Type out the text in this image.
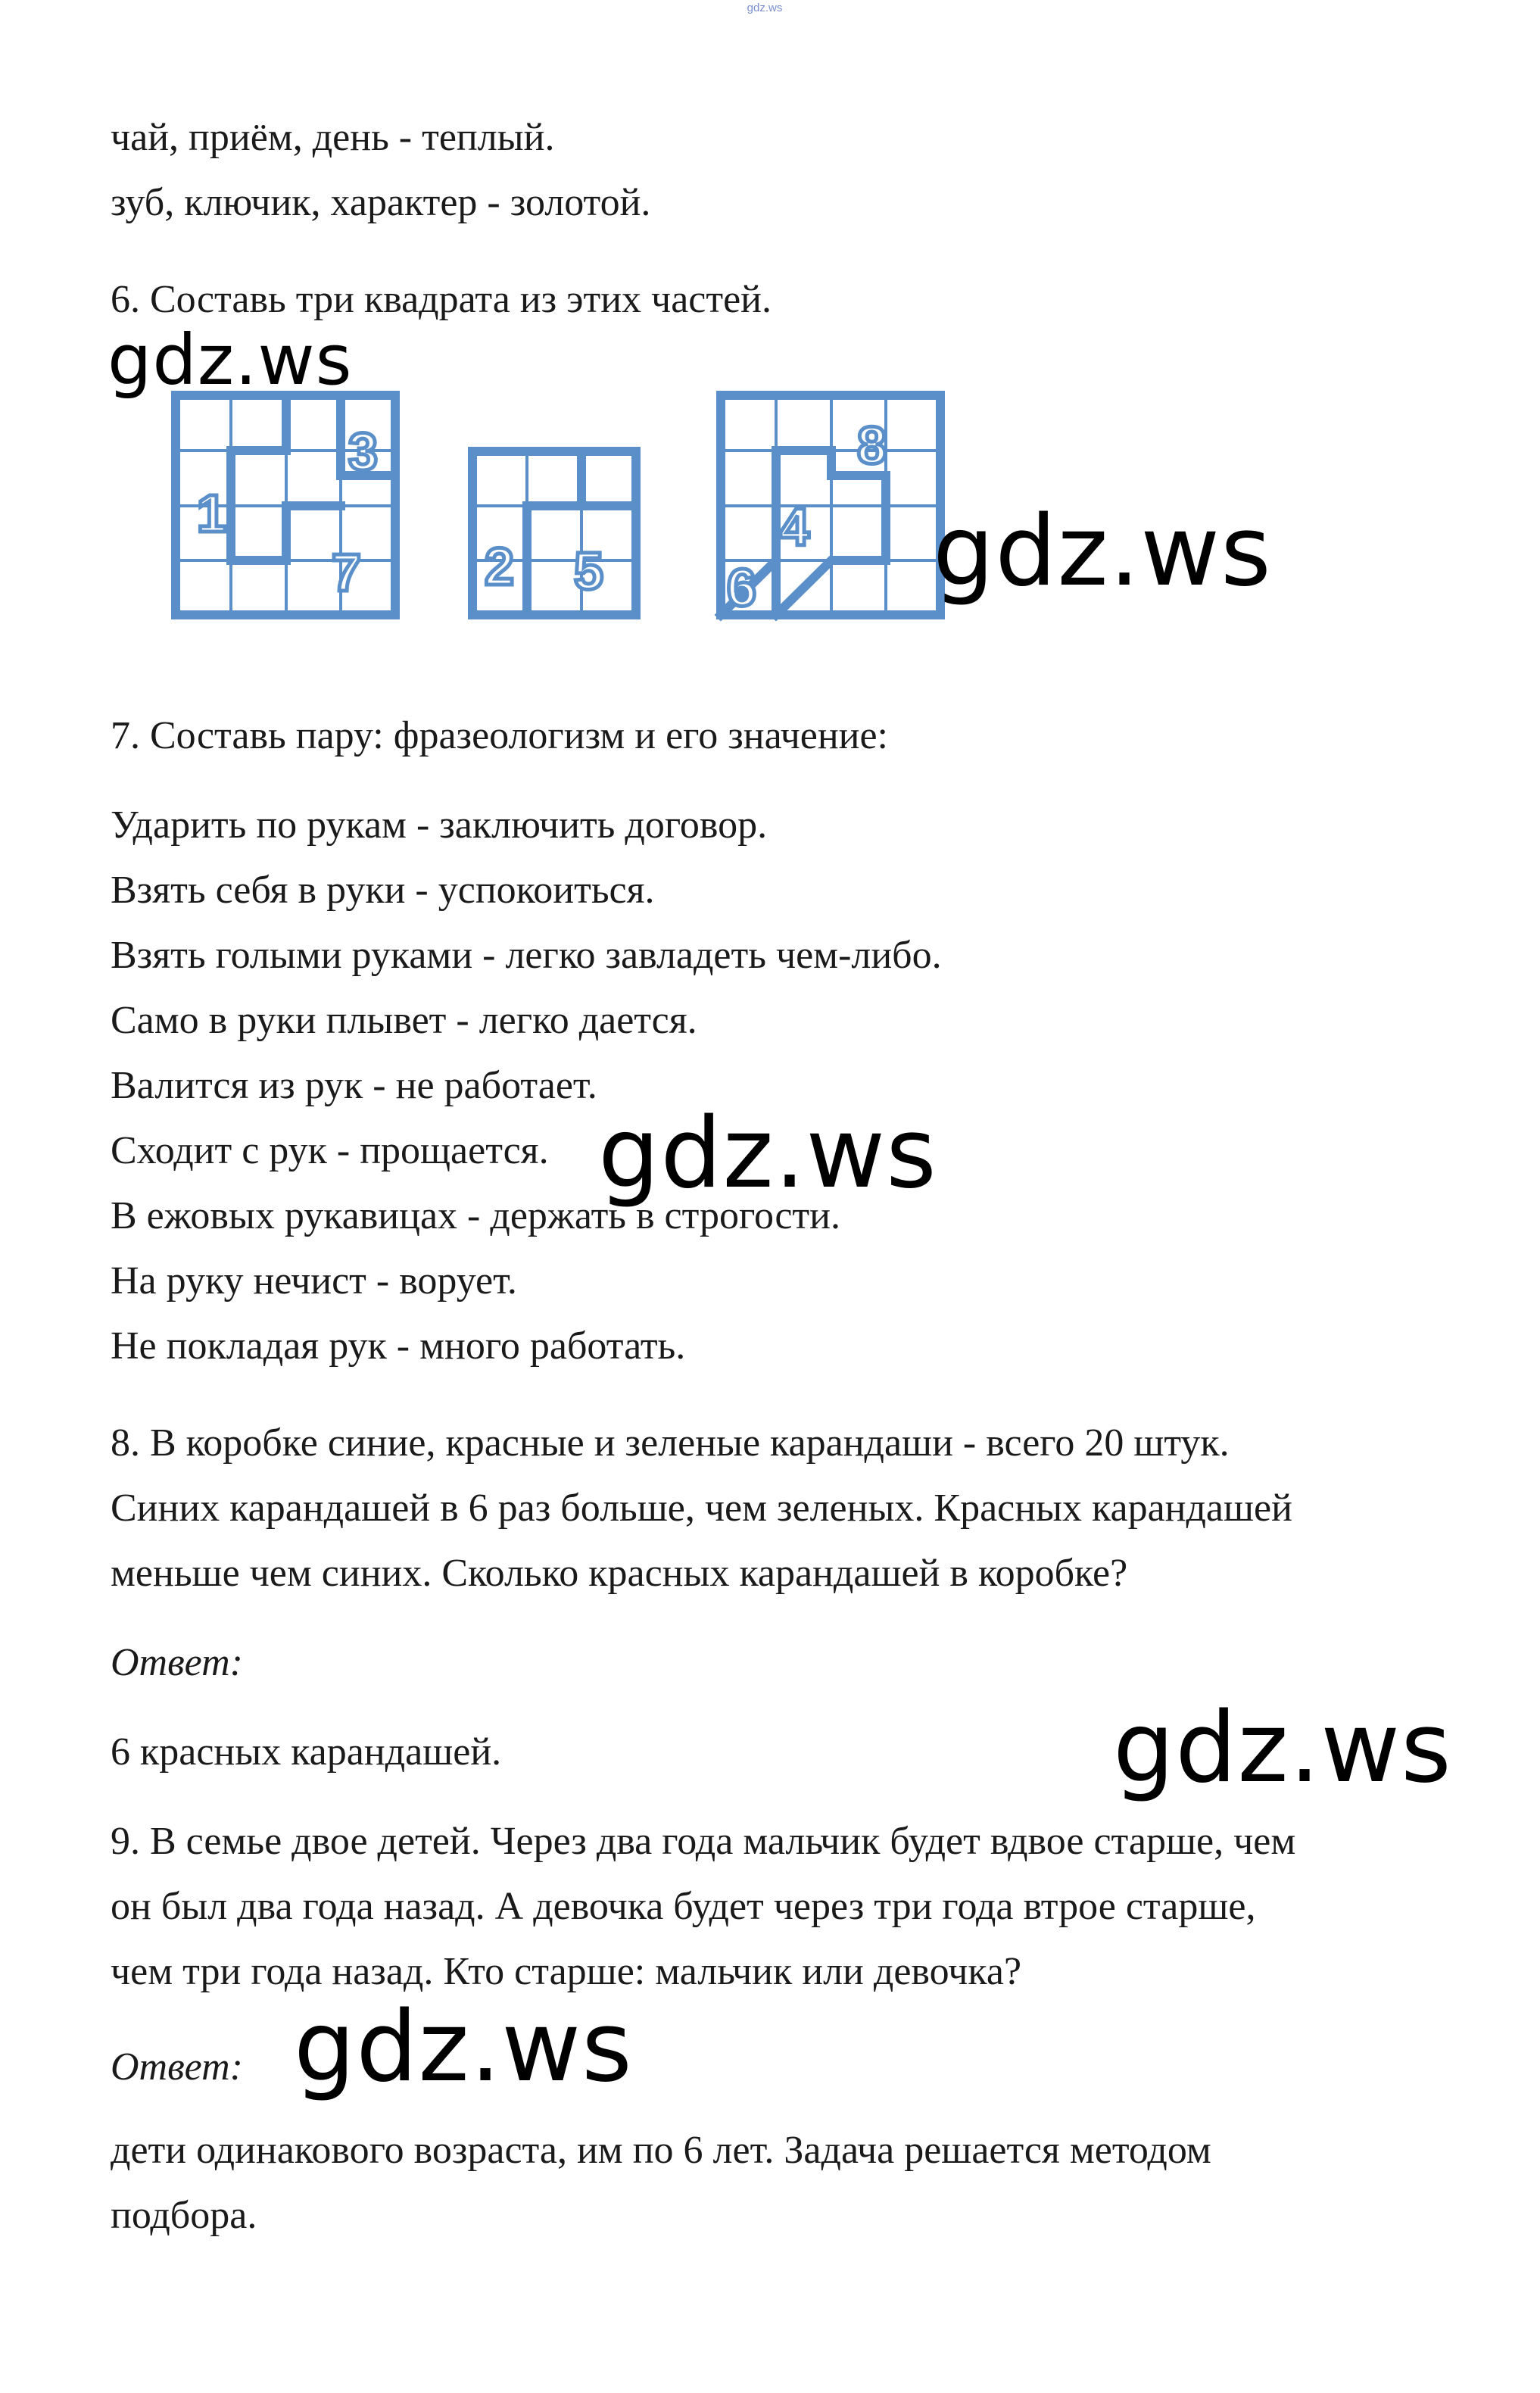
gdz.ws
чай, приём, день - теплый.
зуб, ключик, характер - золотой.
6. Составь три квадрата из этих частей.
1
3
7 2 5
8
4
6
7. Составь пару: фразеологизм и его значение:
Ударить по рукам - заключить договор.
Взять себя в руки - успокоиться.
Взять голыми руками - легко завладеть чем-либо.
Само в руки плывет - легко дается.
Валится из рук - не работает.
Сходит с рук - прощается.
В ежовых рукавицах - держать в строгости.
На руку нечист - ворует.
Не покладая рук - много работать.
8. В коробке синие, красные и зеленые карандаши - всего 20 штук.
Синих карандашей в 6 раз больше, чем зеленых. Красных карандашей
меньше чем синих. Сколько красных карандашей в коробке?
Ответ:
6 красных карандашей.
9. В семье двое детей. Через два года мальчик будет вдвое старше, чем
он был два года назад. А девочка будет через три года втрое старше,
чем три года назад. Кто старше: мальчик или девочка?
Ответ:
дети одинакового возраста, им по 6 лет. Задача решается методом
подбора.
gdz.ws
gdz.ws
gdz.ws
gdz.ws
gdz.ws
